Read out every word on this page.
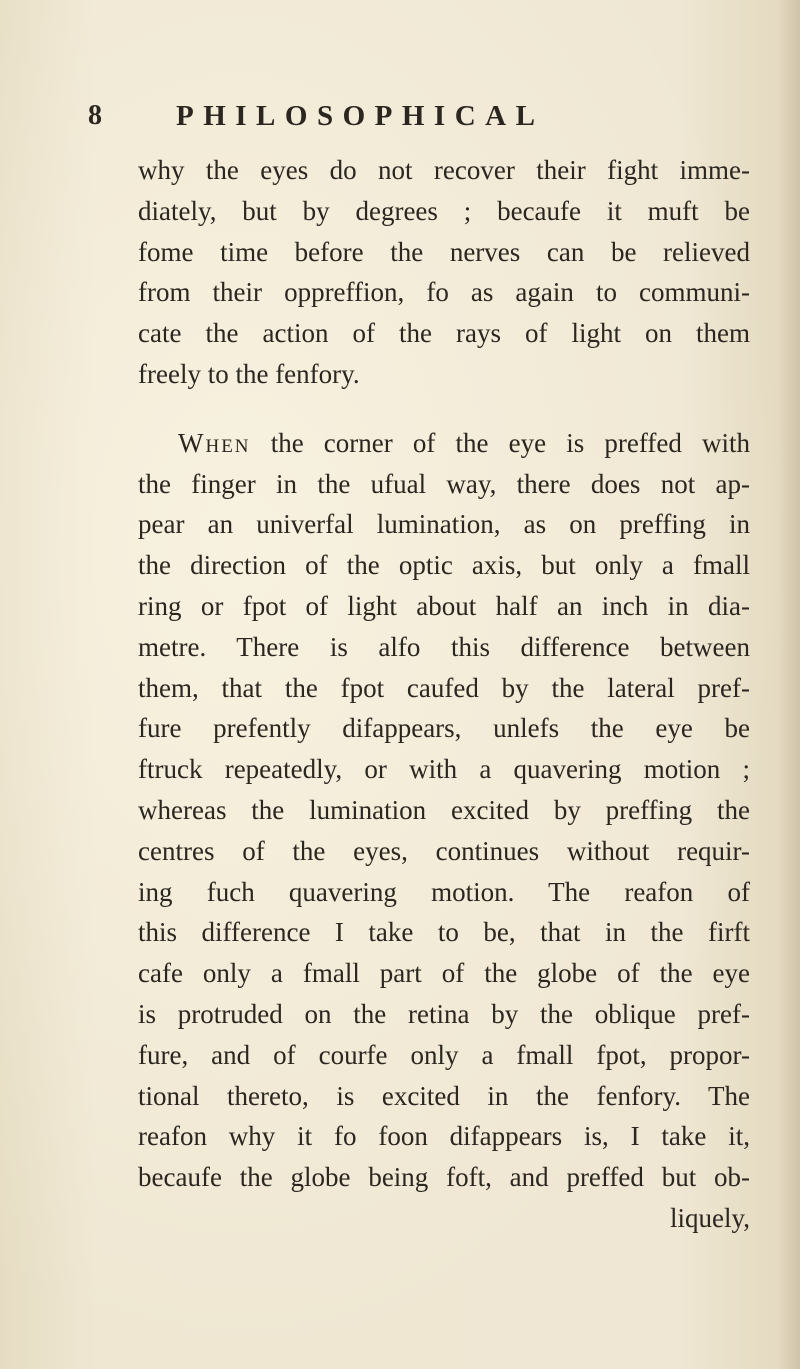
8	PHILOSOPHICAL
why the eyes do not recover their fight imme-
diately, but by degrees ; becaufe it muft be
fome time before the nerves can be relieved
from their oppreffion, fo as again to communi-
cate the action of the rays of light on them
freely to the fenfory.
When the corner of the eye is preffed with
the finger in the ufual way, there does not ap-
pear an univerfal lumination, as on preffing in
the direction of the optic axis, but only a fmall
ring or fpot of light about half an inch in dia-
metre. There is alfo this difference between
them, that the fpot caufed by the lateral pref-
fure prefently difappears, unlefs the eye be
ftruck repeatedly, or with a quavering motion ;
whereas the lumination excited by preffing the
centres of the eyes, continues without requir-
ing fuch quavering motion. The reafon of
this difference I take to be, that in the firft
cafe only a fmall part of the globe of the eye
is protruded on the retina by the oblique pref-
fure, and of courfe only a fmall fpot, propor-
tional thereto, is excited in the fenfory. The
reafon why it fo foon difappears is, I take it,
becaufe the globe being foft, and preffed but ob-
liquely,
